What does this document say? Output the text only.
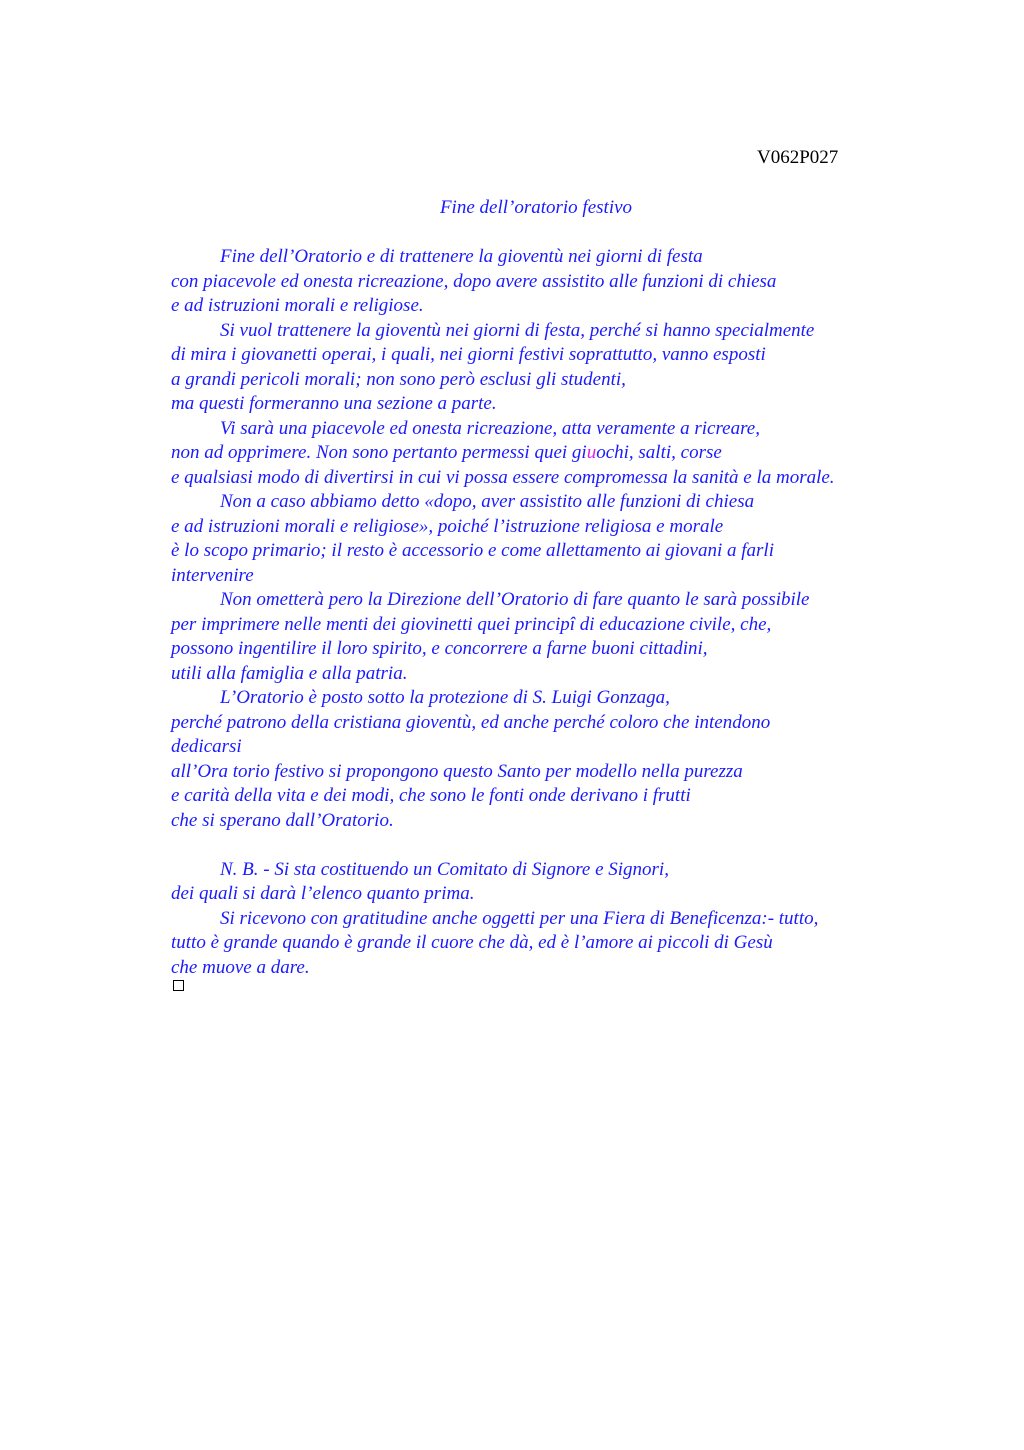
V062P027
Fine dell’oratorio festivo
Fine dell’Oratorio e di trattenere la gioventù nei giorni di festa
con piacevole ed onesta ricreazione, dopo avere assistito alle funzioni di chiesa
e ad istruzioni morali e religiose.
Si vuol trattenere la gioventù nei giorni di festa, perché si hanno specialmente
di mira i giovanetti operai, i quali, nei giorni festivi soprattutto, vanno esposti
a grandi pericoli morali; non sono però esclusi gli studenti,
ma questi formeranno una sezione a parte.
Vi sarà una piacevole ed onesta ricreazione, atta veramente a ricreare,
non ad opprimere. Non sono pertanto permessi quei giuochi, salti, corse
e qualsiasi modo di divertirsi in cui vi possa essere compromessa la sanità e la morale.
Non a caso abbiamo detto «dopo, aver assistito alle funzioni di chiesa
e ad istruzioni morali e religiose», poiché l’istruzione religiosa e morale
è lo scopo primario; il resto è accessorio e come allettamento ai giovani a farli
intervenire
Non ometterà pero la Direzione dell’Oratorio di fare quanto le sarà possibile
per imprimere nelle menti dei giovinetti quei principî di educazione civile, che,
possono ingentilire il loro spirito, e concorrere a farne buoni cittadini,
utili alla famiglia e alla patria.
L’Oratorio è posto sotto la protezione di S. Luigi Gonzaga,
perché patrono della cristiana gioventù, ed anche perché coloro che intendono
dedicarsi
all’Ora torio festivo si propongono questo Santo per modello nella purezza
e carità della vita e dei modi, che sono le fonti onde derivano i frutti
che si sperano dall’Oratorio.
N. B. - Si sta costituendo un Comitato di Signore e Signori,
dei quali si darà l’elenco quanto prima.
Si ricevono con gratitudine anche oggetti per una Fiera di Beneficenza:- tutto,
tutto è grande quando è grande il cuore che dà, ed è l’amore ai piccoli di Gesù
che muove a dare.
